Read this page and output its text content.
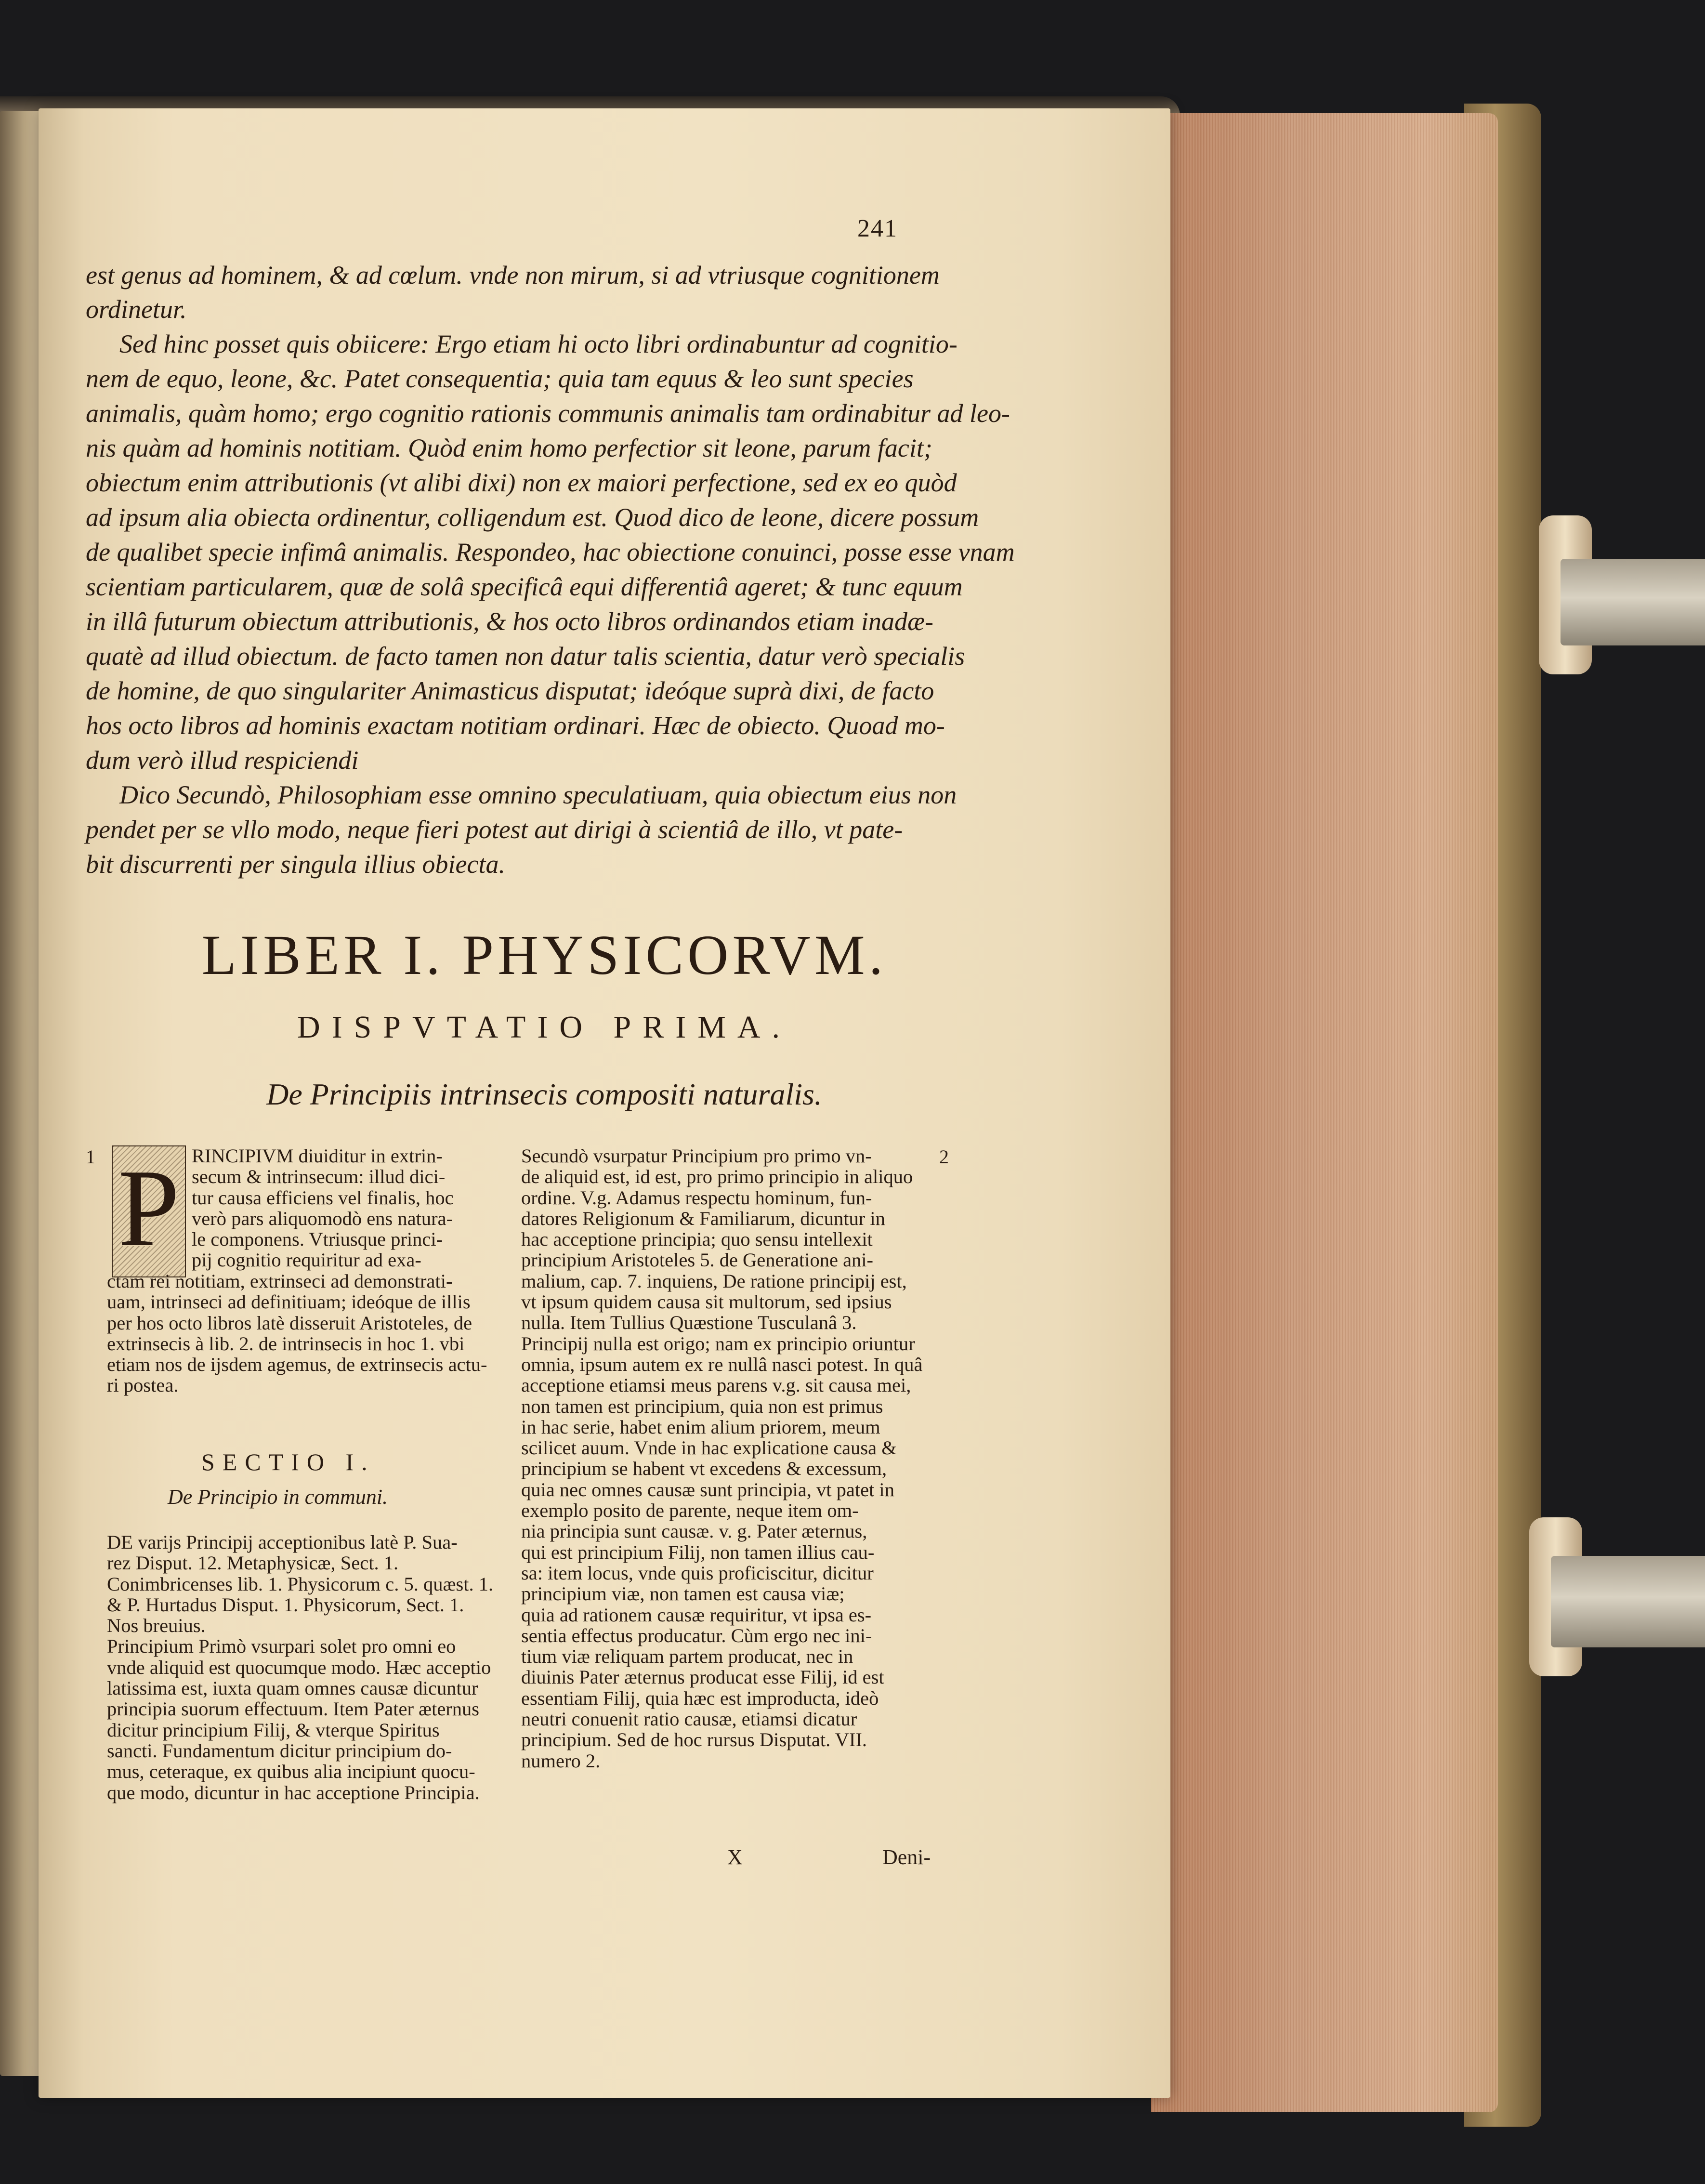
241
est genus ad hominem, & ad cœlum. vnde non mirum, si ad vtriusque cognitionem
ordinetur.
Sed hinc posset quis obiicere: Ergo etiam hi octo libri ordinabuntur ad cognitio-
nem de equo, leone, &c. Patet consequentia; quia tam equus & leo sunt species
animalis, quàm homo; ergo cognitio rationis communis animalis tam ordinabitur ad leo-
nis quàm ad hominis notitiam. Quòd enim homo perfectior sit leone, parum facit;
obiectum enim attributionis (vt alibi dixi) non ex maiori perfectione, sed ex eo quòd
ad ipsum alia obiecta ordinentur, colligendum est. Quod dico de leone, dicere possum
de qualibet specie infimâ animalis. Respondeo, hac obiectione conuinci, posse esse vnam
scientiam particularem, quæ de solâ specificâ equi differentiâ ageret; & tunc equum
in illâ futurum obiectum attributionis, & hos octo libros ordinandos etiam inadæ-
quatè ad illud obiectum. de facto tamen non datur talis scientia, datur verò specialis
de homine, de quo singulariter Animasticus disputat; ideóque suprà dixi, de facto
hos octo libros ad hominis exactam notitiam ordinari. Hæc de obiecto. Quoad mo-
dum verò illud respiciendi
Dico Secundò, Philosophiam esse omnino speculatiuam, quia obiectum eius non
pendet per se vllo modo, neque fieri potest aut dirigi à scientiâ de illo, vt pate-
bit discurrenti per singula illius obiecta.
LIBER I. PHYSICORVM.
DISPVTATIO PRIMA.
De Principiis intrinsecis compositi naturalis.
1	2
P RINCIPIVM diuiditur in extrin-
secum & intrinsecum: illud dici-
tur causa efficiens vel finalis, hoc
verò pars aliquomodò ens natura-
le componens. Vtriusque princi-
pij cognitio requiritur ad exa-
ctam rei notitiam, extrinseci ad demonstrati-
uam, intrinseci ad definitiuam; ideóque de illis
per hos octo libros latè disseruit Aristoteles, de
extrinsecis à lib. 2. de intrinsecis in hoc 1. vbi
etiam nos de ijsdem agemus, de extrinsecis actu-
ri postea.
SECTIO I.
De Principio in communi.
DE varijs Principij acceptionibus latè P. Sua-
rez Disput. 12. Metaphysicæ, Sect. 1.
Conimbricenses lib. 1. Physicorum c. 5. quæst. 1.
& P. Hurtadus Disput. 1. Physicorum, Sect. 1.
Nos breuius.
Principium Primò vsurpari solet pro omni eo
vnde aliquid est quocumque modo. Hæc acceptio
latissima est, iuxta quam omnes causæ dicuntur
principia suorum effectuum. Item Pater æternus
dicitur principium Filij, & vterque Spiritus
sancti. Fundamentum dicitur principium do-
mus, ceteraque, ex quibus alia incipiunt quocu-
que modo, dicuntur in hac acceptione Principia.
Secundò vsurpatur Principium pro primo vn-
de aliquid est, id est, pro primo principio in aliquo
ordine. V.g. Adamus respectu hominum, fun-
datores Religionum & Familiarum, dicuntur in
hac acceptione principia; quo sensu intellexit
principium Aristoteles 5. de Generatione ani-
malium, cap. 7. inquiens, De ratione principij est,
vt ipsum quidem causa sit multorum, sed ipsius
nulla. Item Tullius Quæstione Tusculanâ 3.
Principij nulla est origo; nam ex principio oriuntur
omnia, ipsum autem ex re nullâ nasci potest. In quâ
acceptione etiamsi meus parens v.g. sit causa mei,
non tamen est principium, quia non est primus
in hac serie, habet enim alium priorem, meum
scilicet auum. Vnde in hac explicatione causa &
principium se habent vt excedens & excessum,
quia nec omnes causæ sunt principia, vt patet in
exemplo posito de parente, neque item om-
nia principia sunt causæ. v. g. Pater æternus,
qui est principium Filij, non tamen illius cau-
sa: item locus, vnde quis proficiscitur, dicitur
principium viæ, non tamen est causa viæ;
quia ad rationem causæ requiritur, vt ipsa es-
sentia effectus producatur. Cùm ergo nec ini-
tium viæ reliquam partem producat, nec in
diuinis Pater æternus producat esse Filij, id est
essentiam Filij, quia hæc est improducta, ideò
neutri conuenit ratio causæ, etiamsi dicatur
principium. Sed de hoc rursus Disputat. VII.
numero 2.
X	Deni-
